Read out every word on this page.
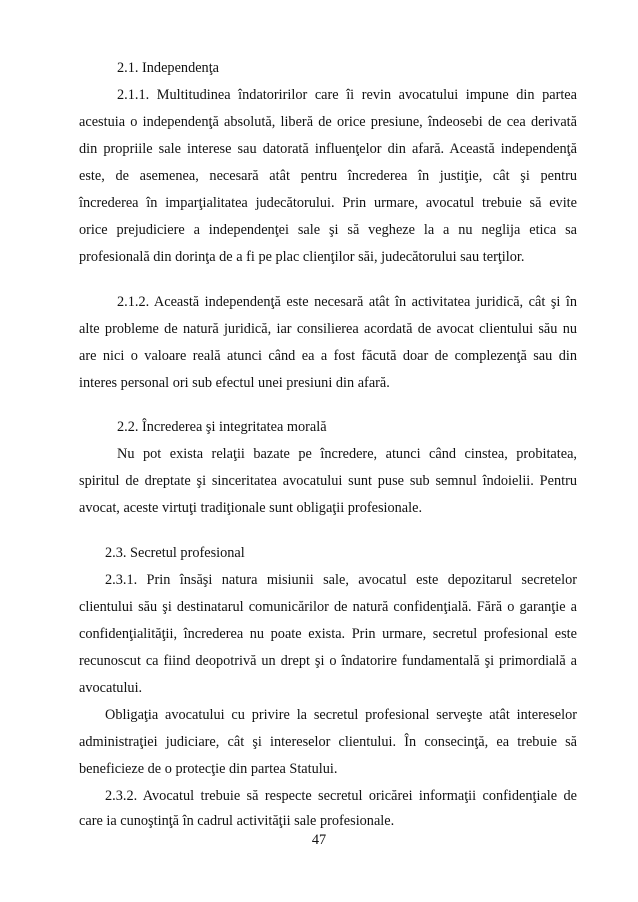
2.1. Independenţa
2.1.1. Multitudinea îndatoririlor care îi revin avocatului impune din partea
acestuia o independenţă absolută, liberă de orice presiune, îndeosebi de cea derivată
din propriile sale interese sau datorată influenţelor din afară. Această independenţă
este, de asemenea, necesară atât pentru încrederea în justiţie, cât şi pentru
încrederea în imparţialitatea judecătorului. Prin urmare, avocatul trebuie să evite
orice prejudiciere a independenţei sale şi să vegheze la a nu neglija etica sa
profesională din dorinţa de a fi pe plac clienţilor săi, judecătorului sau terţilor.
2.1.2. Această independenţă este necesară atât în activitatea juridică, cât şi în
alte probleme de natură juridică, iar consilierea acordată de avocat clientului său nu
are nici o valoare reală atunci când ea a fost făcută doar de complezenţă sau din
interes personal ori sub efectul unei presiuni din afară.
2.2. Încrederea şi integritatea morală
Nu pot exista relaţii bazate pe încredere, atunci când cinstea, probitatea,
spiritul de dreptate şi sinceritatea avocatului sunt puse sub semnul îndoielii. Pentru
avocat, aceste virtuţi tradiţionale sunt obligaţii profesionale.
2.3. Secretul profesional
2.3.1. Prin însăşi natura misiunii sale, avocatul este depozitarul secretelor
clientului său şi destinatarul comunicărilor de natură confidenţială. Fără o garanţie a
confidenţialităţii, încrederea nu poate exista. Prin urmare, secretul profesional este
recunoscut ca fiind deopotrivă un drept şi o îndatorire fundamentală şi primordială a
avocatului.
Obligaţia avocatului cu privire la secretul profesional serveşte atât intereselor
administraţiei judiciare, cât şi intereselor clientului. În consecinţă, ea trebuie să
beneficieze de o protecţie din partea Statului.
2.3.2. Avocatul trebuie să respecte secretul oricărei informaţii confidenţiale de
care ia cunoştinţă în cadrul activităţii sale profesionale.
47
